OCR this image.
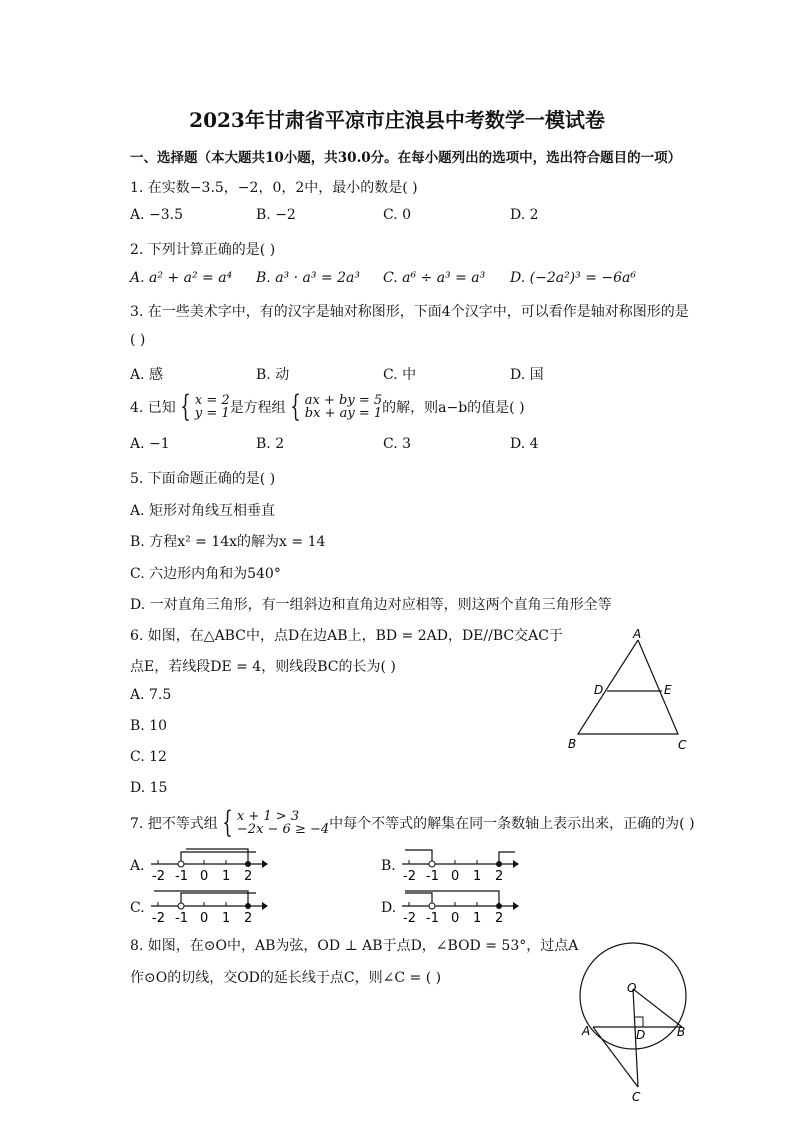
2023年甘肃省平凉市庄浪县中考数学一模试卷
一、选择题（本大题共10小题，共30.0分。在每小题列出的选项中，选出符合题目的一项）
1. 在实数−3.5，−2，0，2中，最小的数是( )
A. −3.5	B. −2	C. 0	D. 2
2. 下列计算正确的是( )
A. a² + a² = a⁴ B. a³ · a³ = 2a³ C. a⁶ ÷ a³ = a³ D. (−2a²)³ = −6a⁶
3. 在一些美术字中，有的汉字是轴对称图形，下面4个汉字中，可以看作是轴对称图形的是
( )
A. 感	B. 动	C. 中	D. 国
4. 已知 { x = 2
y = 1是方程组 { ax + by = 5
bx + ay = 1的解，则a−b的值是( )
A. −1	B. 2	C. 3	D. 4
5. 下面命题正确的是( )
A. 矩形对角线互相垂直
B. 方程x² = 14x的解为x = 14
C. 六边形内角和为540°
D. 一对直角三角形，有一组斜边和直角边对应相等，则这两个直角三角形全等
6. 如图，在△ABC中，点D在边AB上，BD = 2AD，DE//BC交AC于
点E，若线段DE = 4，则线段BC的长为( )
A. 7.5
B. 10
C. 12
D. 15
A
D	E
B	C
7. 把不等式组 { x + 1 > 3
−2x − 6 ≥ −4中每个不等式的解集在同一条数轴上表示出来，正确的为( )
A.	B.
C.	D.
-2 -1 0 1 2	-2 -1 0 1 2
-2 -1 0 1 2	-2 -1 0 1 2
8. 如图，在⊙O中，AB为弦，OD ⊥ AB于点D，∠BOD = 53°，过点A
作⊙O的切线，交OD的延长线于点C，则∠C = ( )
O
A	D	B
C
